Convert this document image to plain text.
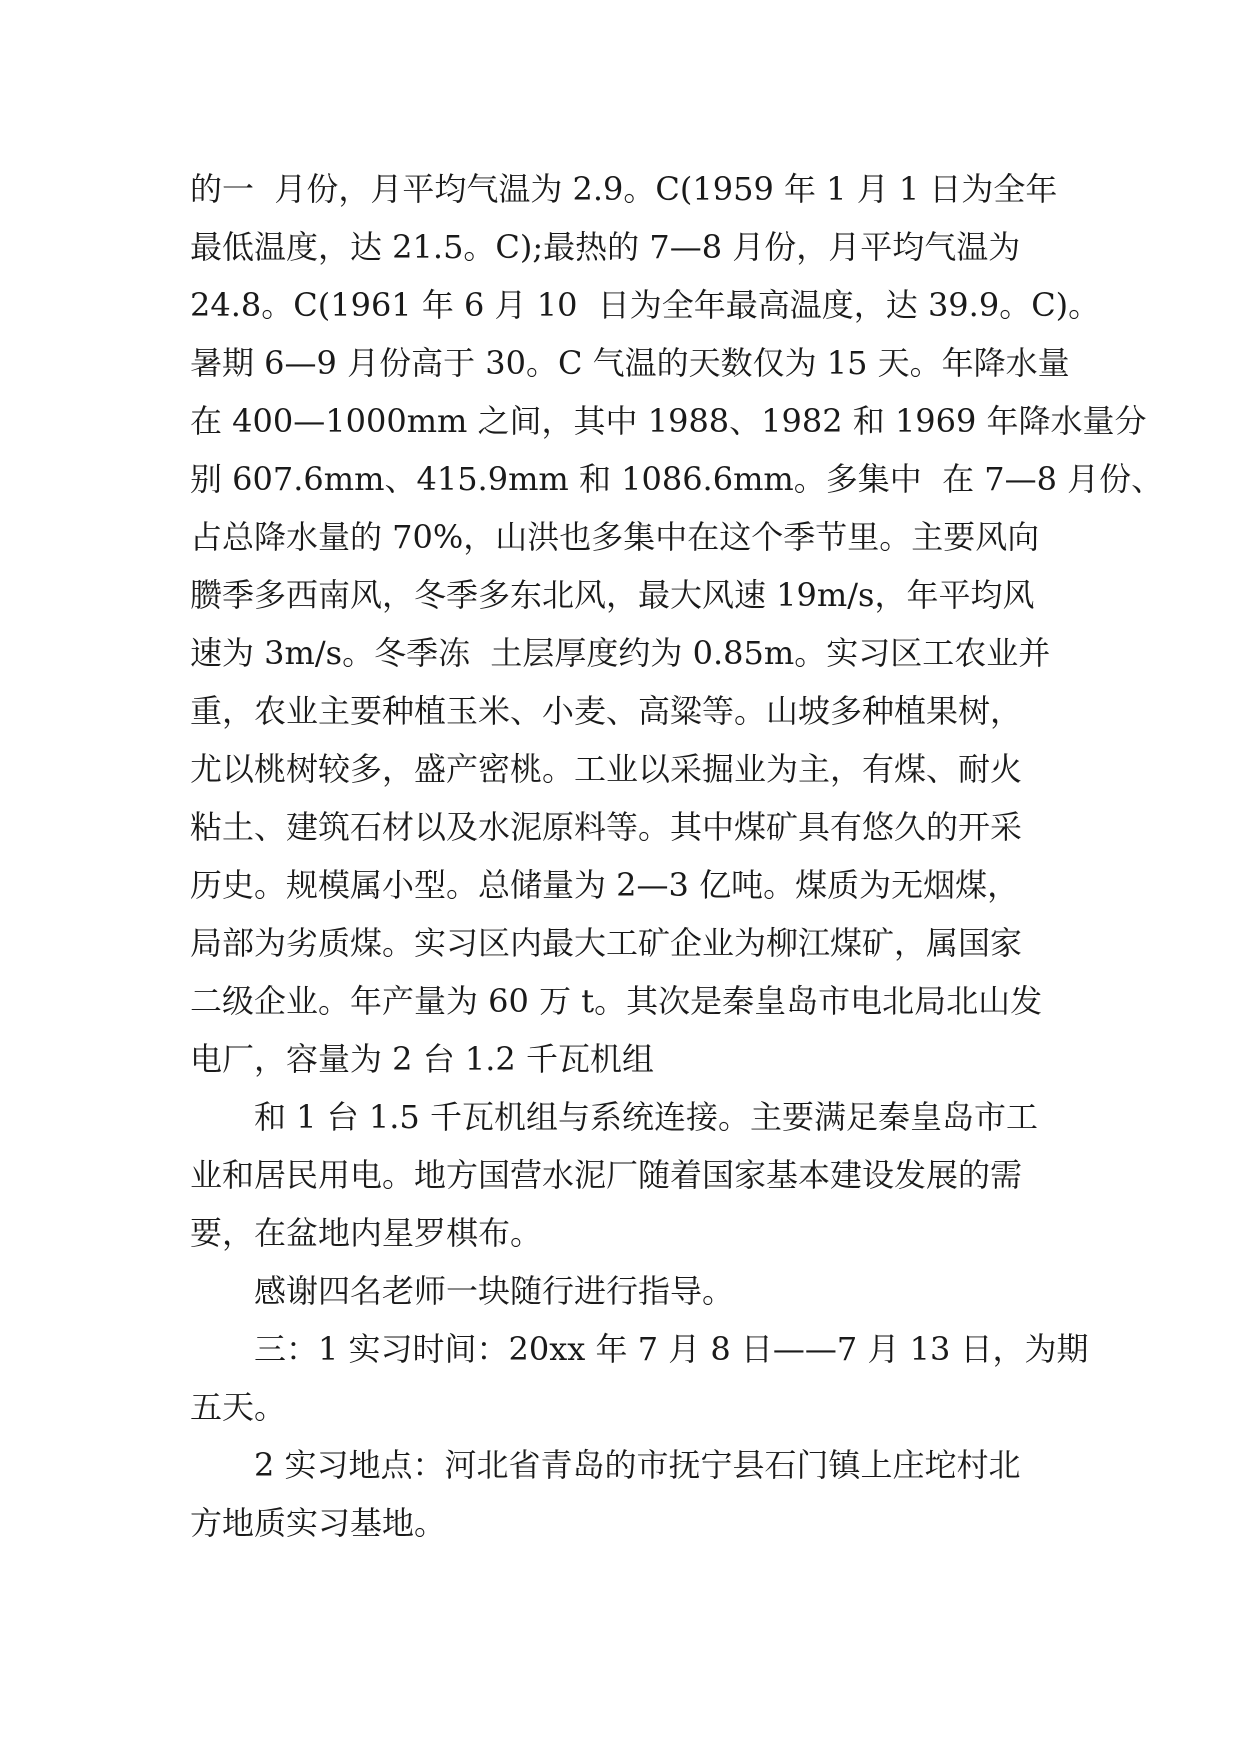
的一  月份，月平均气温为 2.9。C(1959 年 1 月 1 日为全年
最低温度，达 21.5。C);最热的 7—8 月份，月平均气温为
24.8。C(1961 年 6 月 10  日为全年最高温度，达 39.9。C)。
暑期 6—9 月份高于 30。C 气温的天数仅为 15 天。年降水量
在 400—1000mm 之间，其中 1988、1982 和 1969 年降水量分
别 607.6mm、415.9mm 和 1086.6mm。多集中  在 7—8 月份、
占总降水量的 70%，山洪也多集中在这个季节里。主要风向
臜季多西南风，冬季多东北风，最大风速 19m/s，年平均风
速为 3m/s。冬季冻  土层厚度约为 0.85m。实习区工农业并
重，农业主要种植玉米、小麦、高粱等。山坡多种植果树，
尤以桃树较多，盛产密桃。工业以采掘业为主，有煤、耐火
粘土、建筑石材以及水泥原料等。其中煤矿具有悠久的开采
历史。规模属小型。总储量为 2—3 亿吨。煤质为无烟煤，
局部为劣质煤。实习区内最大工矿企业为柳江煤矿，属国家
二级企业。年产量为 60 万 t。其次是秦皇岛市电北局北山发
电厂，容量为 2 台 1.2 千瓦机组
和 1 台 1.5 千瓦机组与系统连接。主要满足秦皇岛市工
业和居民用电。地方国营水泥厂随着国家基本建设发展的需
要，在盆地内星罗棋布。
感谢四名老师一块随行进行指导。
三：1 实习时间：20xx 年 7 月 8 日——7 月 13 日，为期
五天。
2 实习地点：河北省青岛的市抚宁县石门镇上庄坨村北
方地质实习基地。
